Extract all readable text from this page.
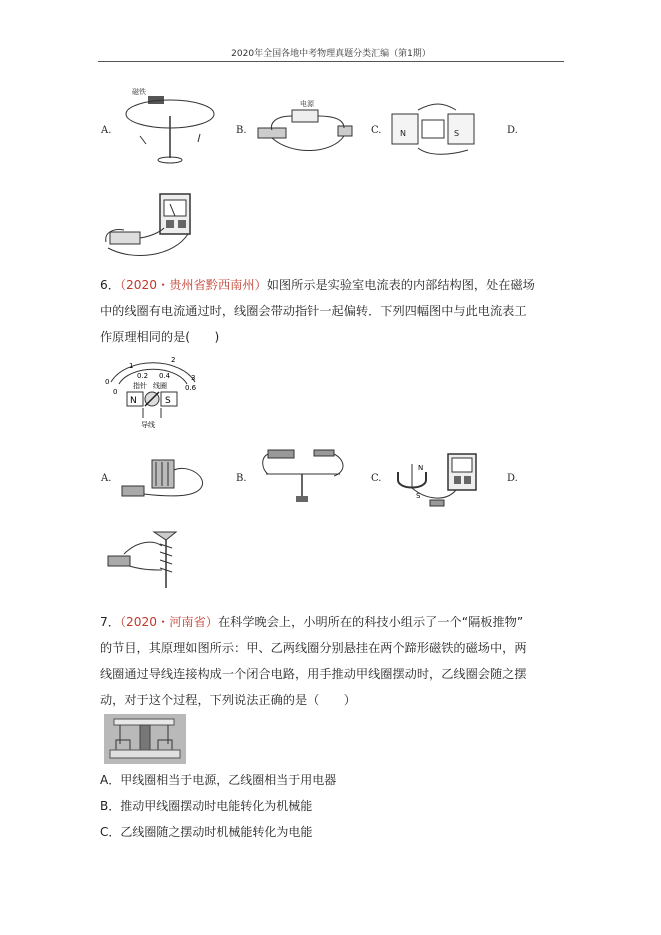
2020年全国各地中考物理真题分类汇编（第1期）
A.
磁铁
B.
电源
C. N	S	D.
6．（2020・贵州省黔西南州）如图所示是实验室电流表的内部结构图，处在磁场
中的线圈有电流通过时，线圈会带动指针一起偏转．下列四幅图中与此电流表工
作原理相同的是(　　)
1
2
0.2 0.4
0	3
0	0.6
指针 线圈
N	S
导线
A.	B.	C.
N
S
D.
7．（2020・河南省）在科学晚会上，小明所在的科技小组示了一个“隔板推物”
的节目，其原理如图所示：甲、乙两线圈分别悬挂在两个蹄形磁铁的磁场中，两
线圈通过导线连接构成一个闭合电路，用手推动甲线圈摆动时，乙线圈会随之摆
动，对于这个过程，下列说法正确的是（　　）
A．甲线圈相当于电源，乙线圈相当于用电器
B．推动甲线圈摆动时电能转化为机械能
C．乙线圈随之摆动时机械能转化为电能
